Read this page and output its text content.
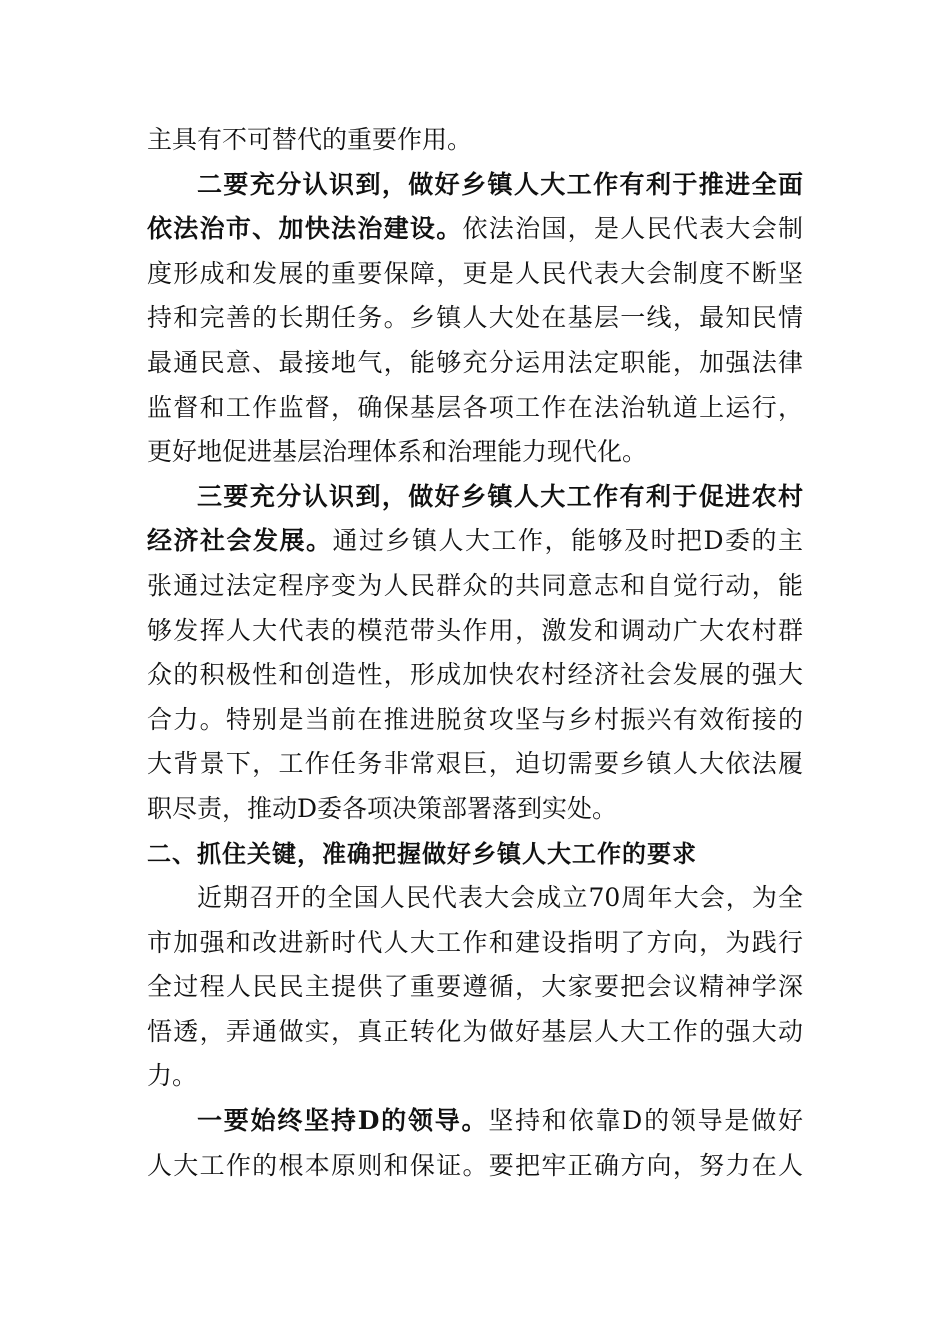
主具有不可替代的重要作用。
二要充分认识到，做好乡镇人大工作有利于推进全面
依法治市、加快法治建设。依法治国，是人民代表大会制
度形成和发展的重要保障，更是人民代表大会制度不断坚
持和完善的长期任务。乡镇人大处在基层一线，最知民情
最通民意、最接地气，能够充分运用法定职能，加强法律
监督和工作监督，确保基层各项工作在法治轨道上运行，
更好地促进基层治理体系和治理能力现代化。
三要充分认识到，做好乡镇人大工作有利于促进农村
经济社会发展。通过乡镇人大工作，能够及时把D委的主
张通过法定程序变为人民群众的共同意志和自觉行动，能
够发挥人大代表的模范带头作用，激发和调动广大农村群
众的积极性和创造性，形成加快农村经济社会发展的强大
合力。特别是当前在推进脱贫攻坚与乡村振兴有效衔接的
大背景下，工作任务非常艰巨，迫切需要乡镇人大依法履
职尽责，推动D委各项决策部署落到实处。
二、抓住关键，准确把握做好乡镇人大工作的要求
近期召开的全国人民代表大会成立70周年大会，为全
市加强和改进新时代人大工作和建设指明了方向，为践行
全过程人民民主提供了重要遵循，大家要把会议精神学深
悟透，弄通做实，真正转化为做好基层人大工作的强大动
力。
一要始终坚持D的领导。坚持和依靠D的领导是做好
人大工作的根本原则和保证。要把牢正确方向，努力在人
